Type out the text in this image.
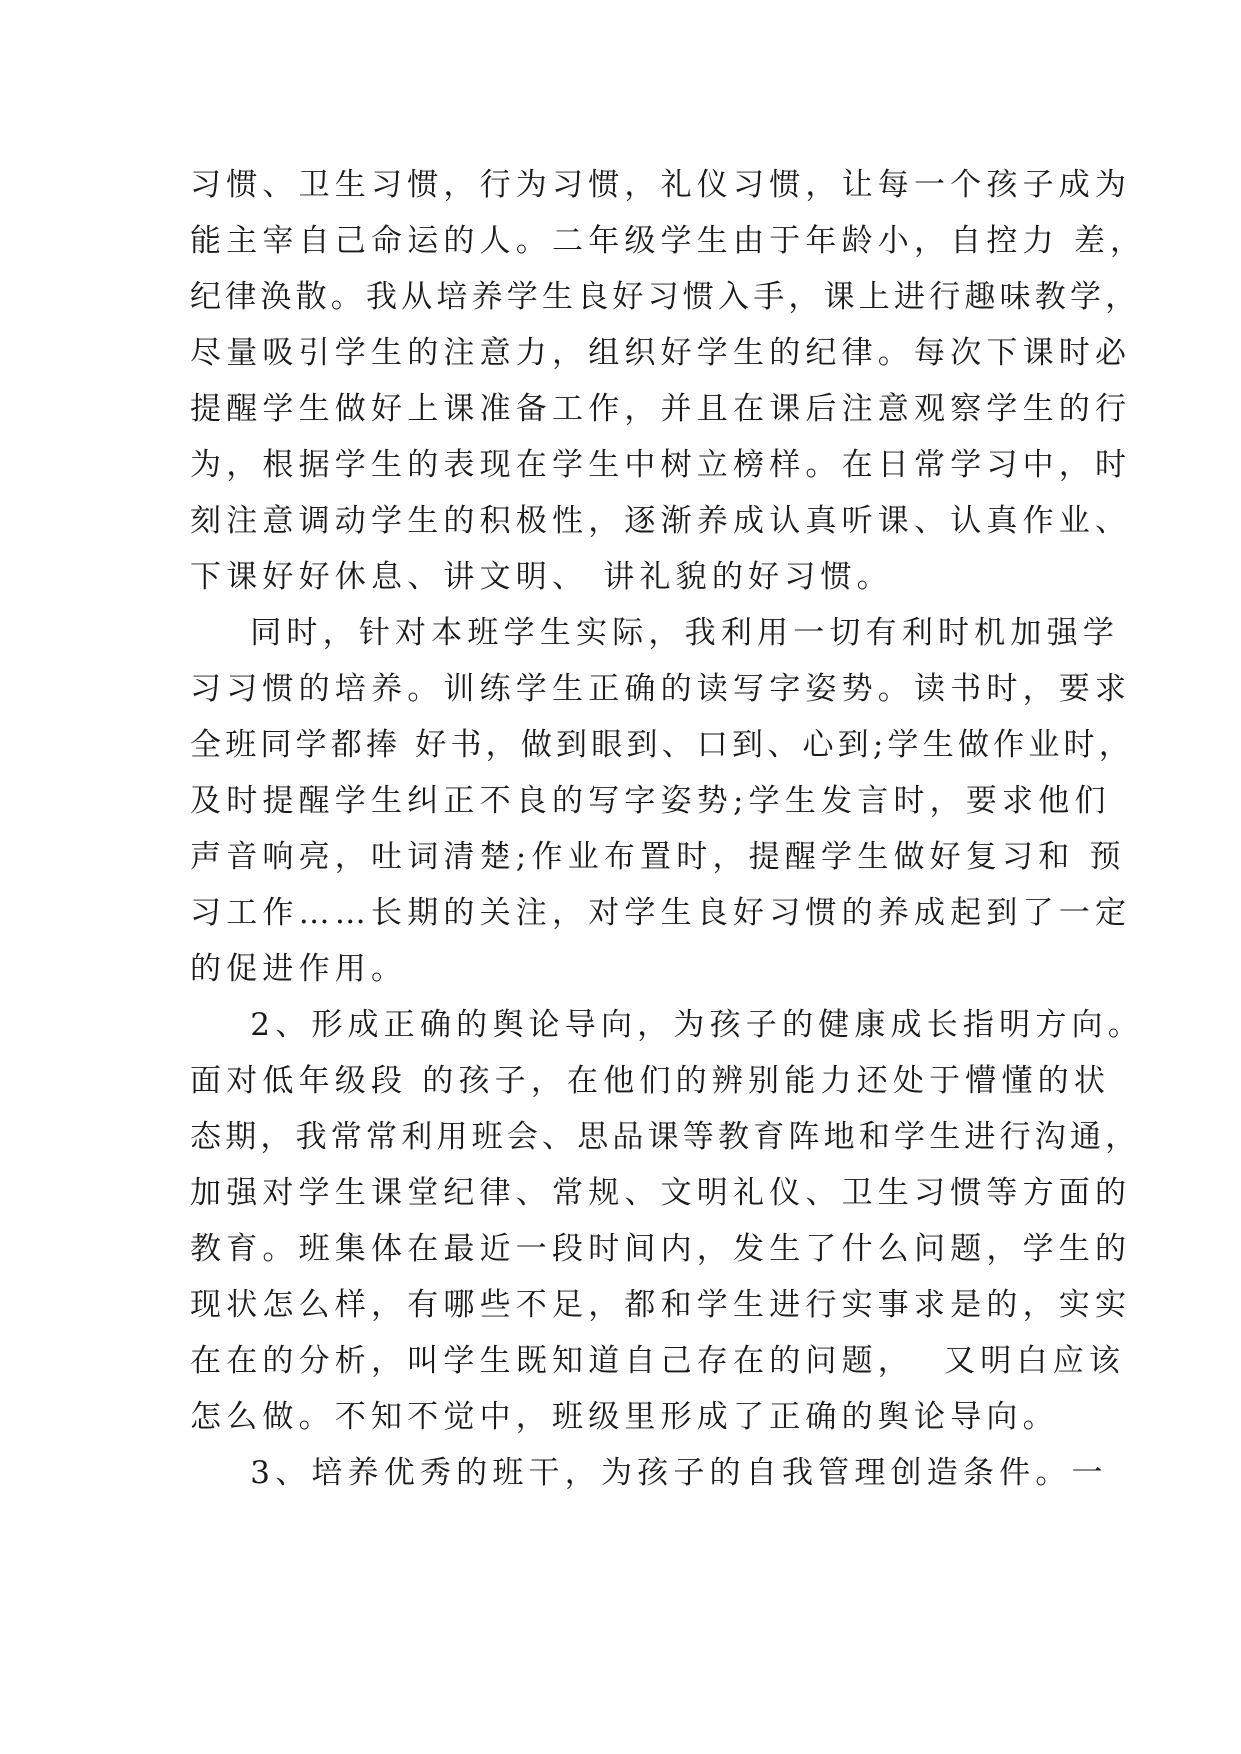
习惯、卫生习惯，行为习惯，礼仪习惯，让每一个孩子成为
能主宰自己命运的人。二年级学生由于年龄小，自控力 差，
纪律涣散。我从培养学生良好习惯入手，课上进行趣味教学，
尽量吸引学生的注意力，组织好学生的纪律。每次下课时必
提醒学生做好上课准备工作，并且在课后注意观察学生的行
为，根据学生的表现在学生中树立榜样。在日常学习中，时
刻注意调动学生的积极性，逐渐养成认真听课、认真作业、
下课好好休息、讲文明、 讲礼貌的好习惯。
同时，针对本班学生实际，我利用一切有利时机加强学
习习惯的培养。训练学生正确的读写字姿势。读书时，要求
全班同学都捧 好书，做到眼到、口到、心到;学生做作业时，
及时提醒学生纠正不良的写字姿势;学生发言时，要求他们
声音响亮，吐词清楚;作业布置时，提醒学生做好复习和 预
习工作……长期的关注，对学生良好习惯的养成起到了一定
的促进作用。
2、形成正确的舆论导向，为孩子的健康成长指明方向。
面对低年级段 的孩子，在他们的辨别能力还处于懵懂的状
态期，我常常利用班会、思品课等教育阵地和学生进行沟通，
加强对学生课堂纪律、常规、文明礼仪、卫生习惯等方面的
教育。班集体在最近一段时间内，发生了什么问题，学生的
现状怎么样，有哪些不足，都和学生进行实事求是的，实实
在在的分析，叫学生既知道自己存在的问题，  又明白应该
怎么做。不知不觉中，班级里形成了正确的舆论导向。
3、培养优秀的班干，为孩子的自我管理创造条件。一
